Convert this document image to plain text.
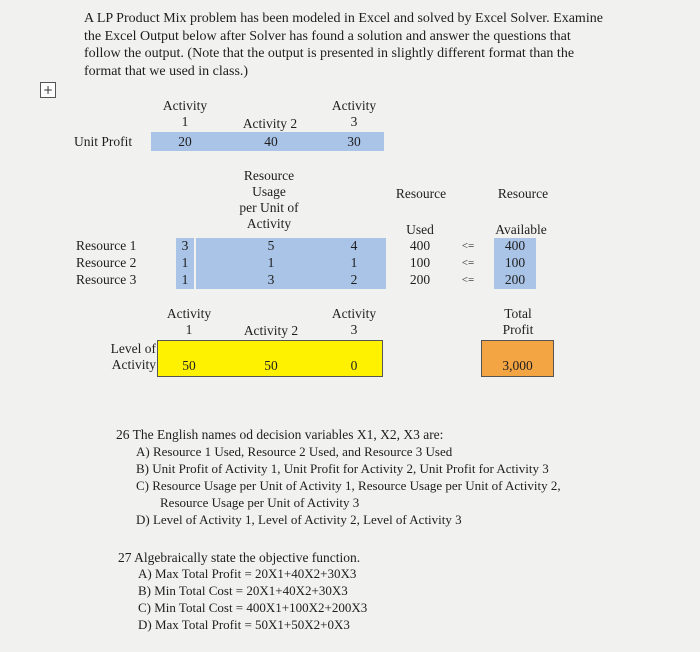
A LP Product Mix problem has been modeled in Excel and solved by Excel Solver. Examine
the Excel Output below after Solver has found a solution and answer the questions that
follow the output. (Note that the output is presented in slightly different format than the
format that we used in class.)
+
Activity
1	Activity 2
Activity
3
Unit Profit	20	40	30
Resource
Usage
per Unit of
Activity
Resource	Resource
Used	Available
Resource 1	3	5	4	400	<=	400
Resource 2	1	1	1	100	<=	100
Resource 3	1	3	2	200	<=	200
Activity
1	Activity 2
Activity
3
Total
Profit
Level of
Activity	50	50	0	3,000
26 The English names od decision variables X1, X2, X3 are:
A) Resource 1 Used, Resource 2 Used, and Resource 3 Used
B) Unit Profit of Activity 1, Unit Profit for Activity 2, Unit Profit for Activity 3
C) Resource Usage per Unit of Activity 1, Resource Usage per Unit of Activity 2,
Resource Usage per Unit of Activity 3
D) Level of Activity 1, Level of Activity 2, Level of Activity 3
27 Algebraically state the objective function.
A) Max Total Profit = 20X1+40X2+30X3
B) Min Total Cost = 20X1+40X2+30X3
C) Min Total Cost = 400X1+100X2+200X3
D) Max Total Profit = 50X1+50X2+0X3
